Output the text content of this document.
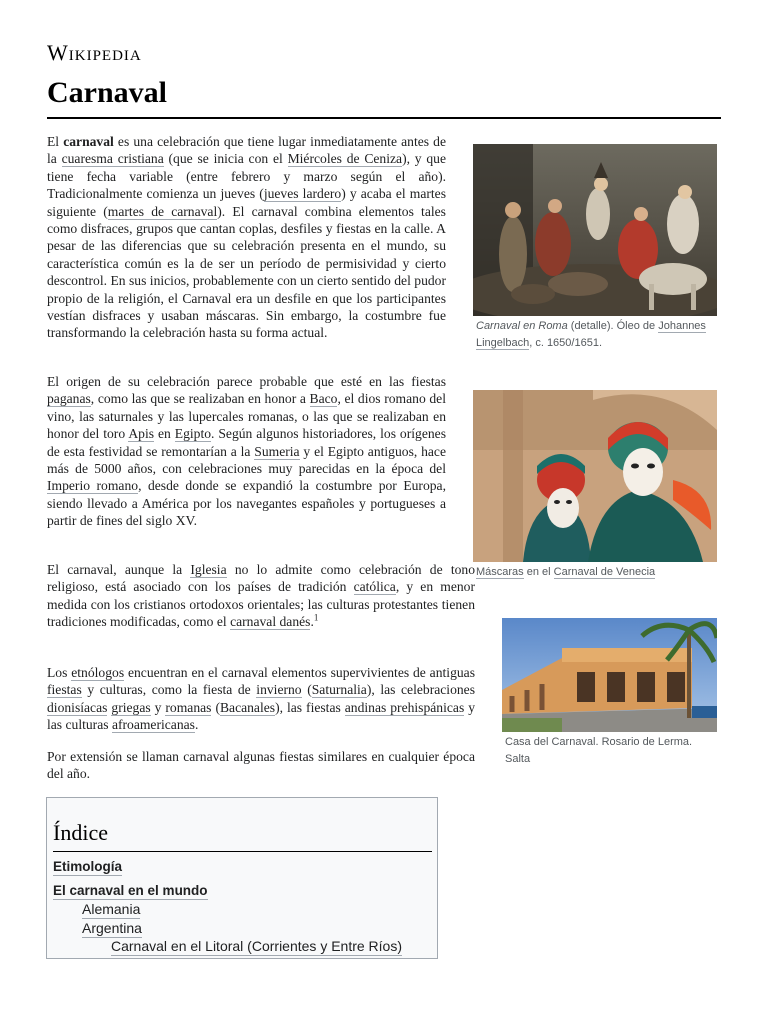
Wikipedia
Carnaval

El carnaval es una celebración que tiene lugar inmediatamente antes de la cuaresma cristiana (que se inicia con el Miércoles de Ceniza), y que tiene fecha variable (entre febrero y marzo según el año). Tradicionalmente comienza un jueves (jueves lardero) y acaba el martes siguiente (martes de carnaval). El carnaval combina elementos tales como disfraces, grupos que cantan coplas, desfiles y fiestas en la calle. A pesar de las diferencias que su celebración presenta en el mundo, su característica común es la de ser un período de permisividad y cierto descontrol. En sus inicios, probablemente con un cierto sentido del pudor propio de la religión, el Carnaval era un desfile en que los participantes vestían disfraces y usaban máscaras. Sin embargo, la costumbre fue transformando la celebración hasta su forma actual.

El origen de su celebración parece probable que esté en las fiestas paganas, como las que se realizaban en honor a Baco, el dios romano del vino, las saturnales y las lupercales romanas, o las que se realizaban en honor del toro Apis en Egipto. Según algunos historiadores, los orígenes de esta festividad se remontarían a la Sumeria y el Egipto antiguos, hace más de 5000 años, con celebraciones muy parecidas en la época del Imperio romano, desde donde se expandió la costumbre por Europa, siendo llevado a América por los navegantes españoles y portugueses a partir de fines del siglo XV.

El carnaval, aunque la Iglesia no lo admite como celebración de tono religioso, está asociado con los países de tradición católica, y en menor medida con los cristianos ortodoxos orientales; las culturas protestantes tienen tradiciones modificadas, como el carnaval danés.$^1$

Los etnólogos encuentran en el carnaval elementos supervivientes de antiguas fiestas y culturas, como la fiesta de invierno (Saturnalia), las celebraciones dionisíacas griegas y romanas (Bacanales), las fiestas andinas prehispánicas y las culturas afroamericanas.

Por extensión se llaman carnaval algunas fiestas similares en cualquier época del año.

Carnaval en Roma (detalle). Óleo de Johannes Lingelbach, c. 1650/1651.
Máscaras en el Carnaval de Venecia
Casa del Carnaval. Rosario de Lerma. Salta
Índice
Etimología
El carnaval en el mundo
Alemania
Argentina
Carnaval en el Litoral (Corrientes y Entre Ríos)
